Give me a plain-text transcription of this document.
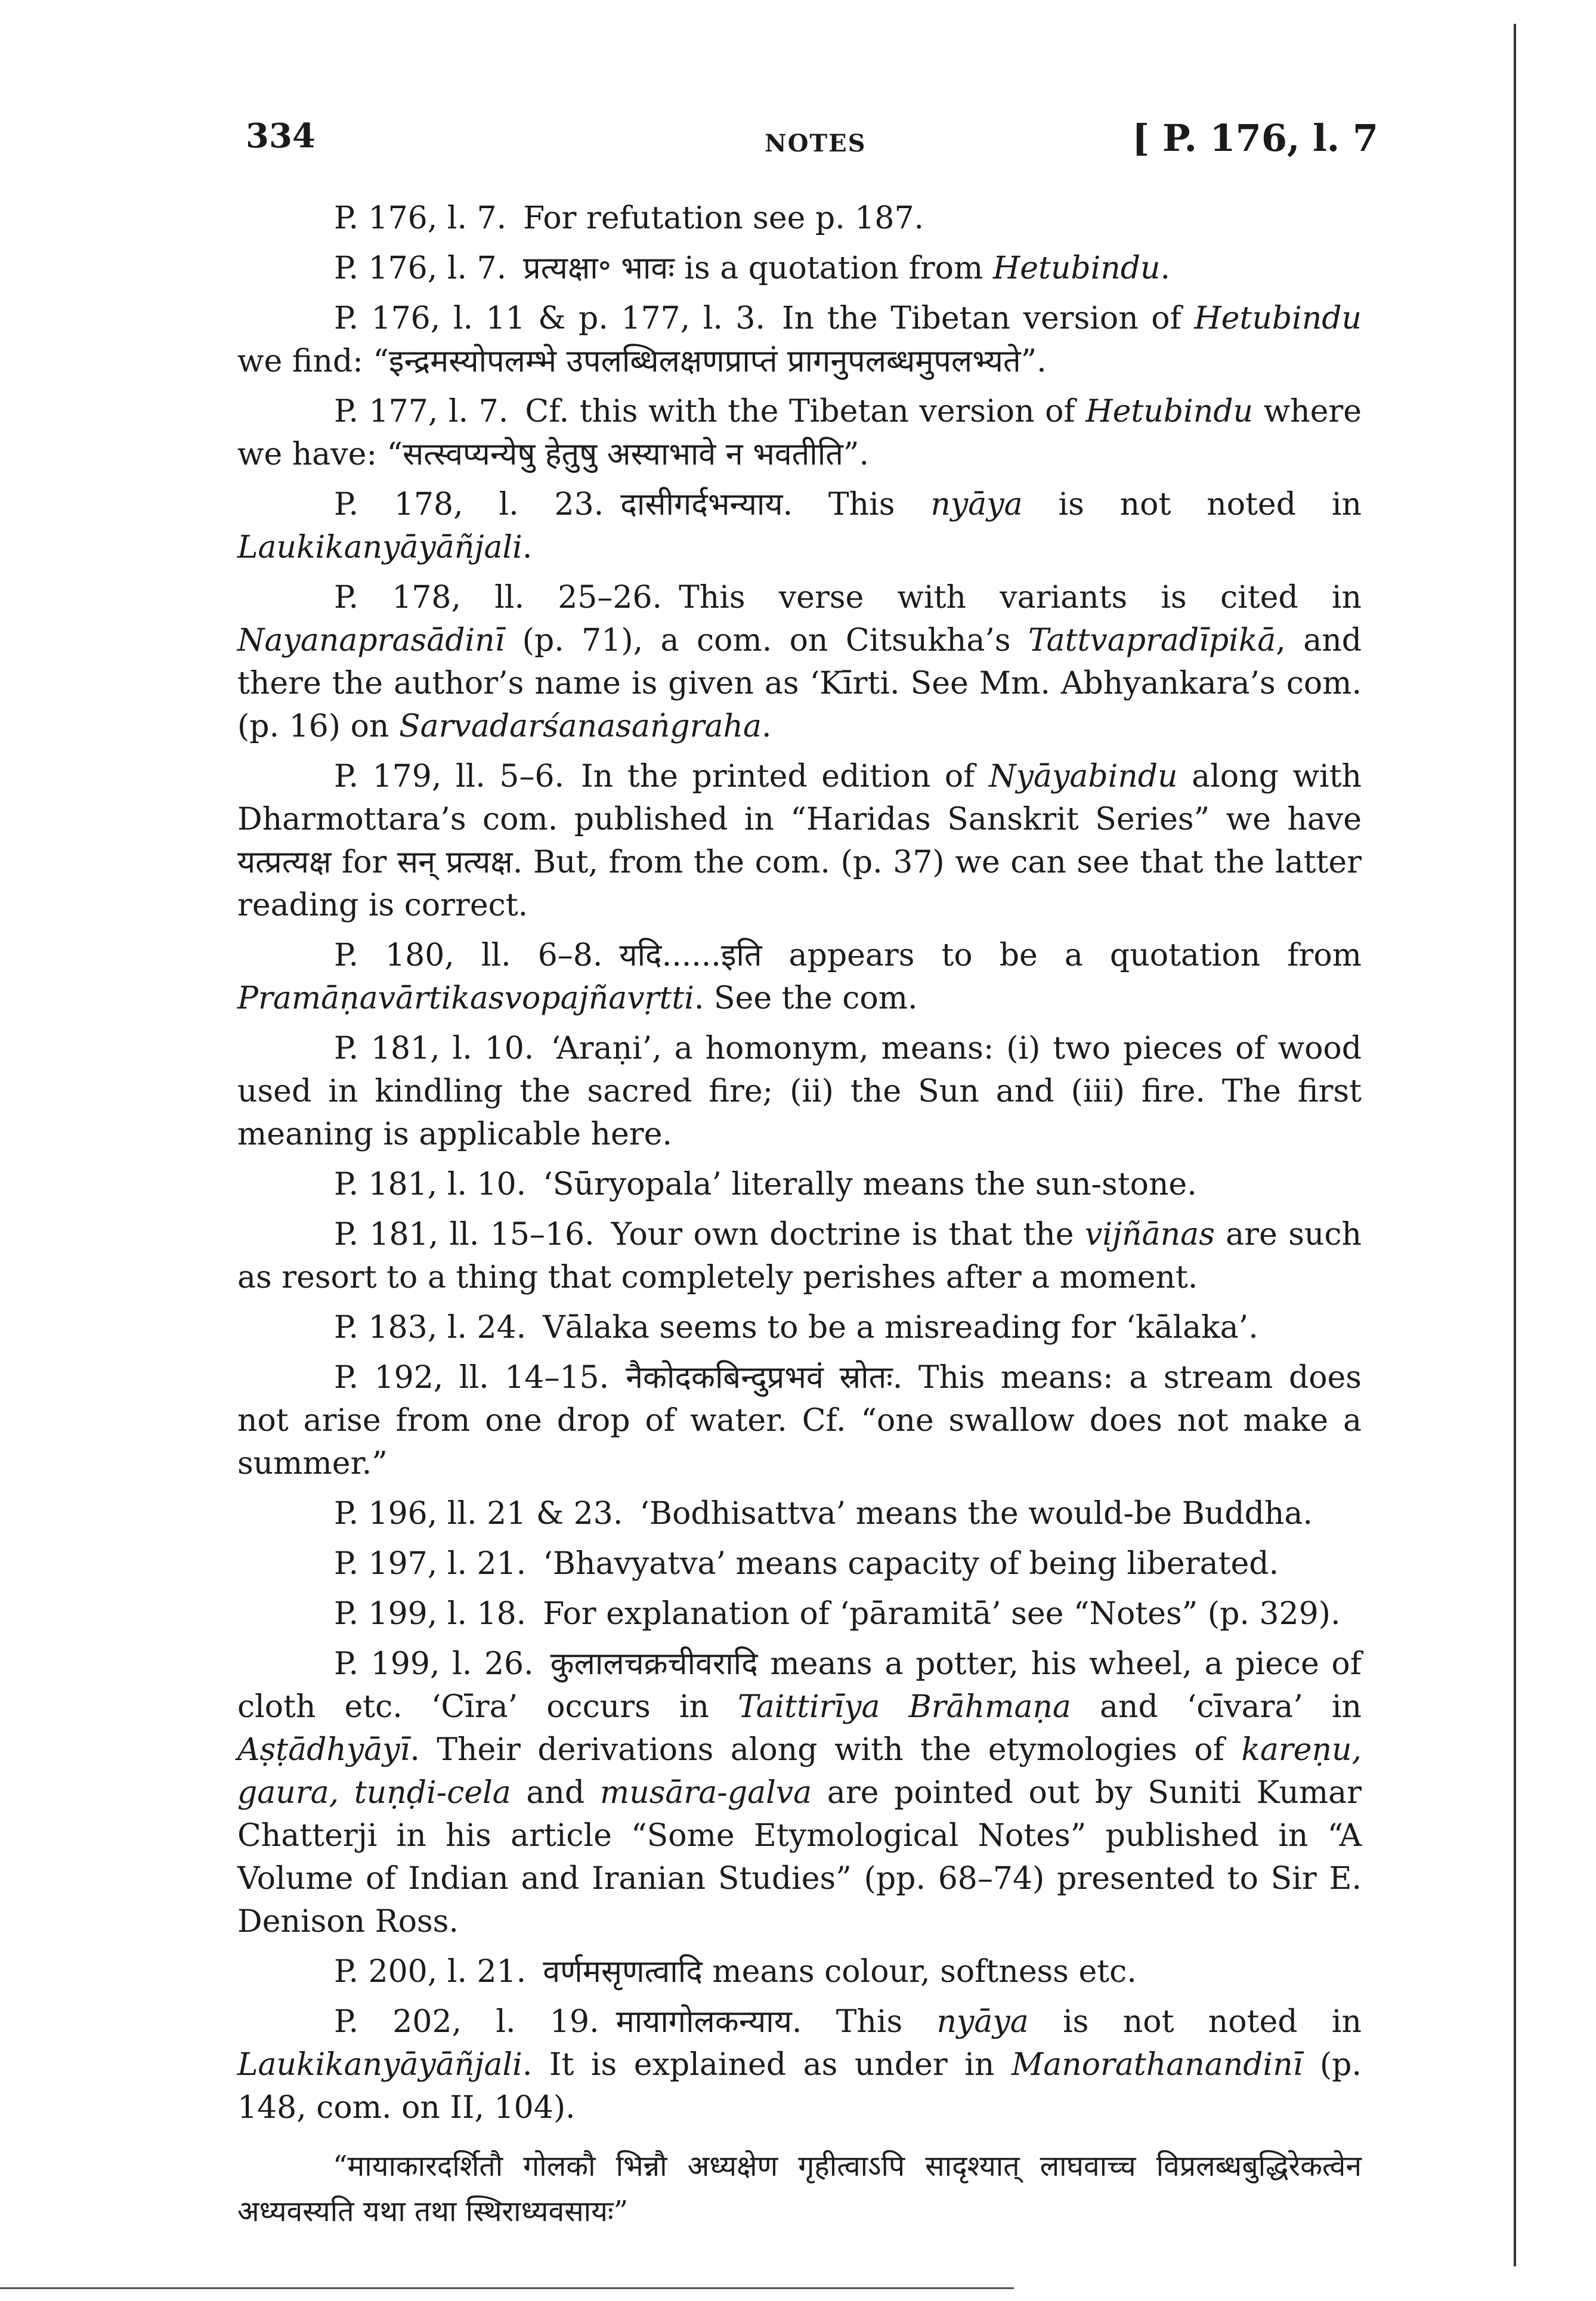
334	NOTES	[ P. 176, l. 7

P. 176, l. 7. For refutation see p. 187.

P. 176, l. 7. प्रत्यक्षा॰ भावः is a quotation from Hetubindu.

P. 176, l. 11 & p. 177, l. 3. In the Tibetan version of Hetubindu we find: “इन्द्रमस्योपलम्भे उपलब्धिलक्षणप्राप्तं प्रागनुपलब्धमुपलभ्यते”.

P. 177, l. 7. Cf. this with the Tibetan version of Hetubindu where we have: “सत्स्वप्यन्येषु हेतुषु अस्याभावे न भवतीति”.

P. 178, l. 23. दासीगर्दभन्याय. This nyāya is not noted in Laukikanyāyāñjali.

P. 178, ll. 25–26. This verse with variants is cited in Nayanaprasādinī (p. 71), a com. on Citsukha’s Tattvapradīpikā, and there the author’s name is given as ‘Kīrti. See Mm. Abhyankara’s com. (p. 16) on Sarvadarśanasaṅgraha.

P. 179, ll. 5–6. In the printed edition of Nyāyabindu along with Dharmottara’s com. published in “Haridas Sanskrit Series” we have यत्प्रत्यक्ष for सन् प्रत्यक्ष. But, from the com. (p. 37) we can see that the latter reading is correct.

P. 180, ll. 6–8. यदि......इति appears to be a quotation from Pramāṇavārtikasvopajñavṛtti. See the com.

P. 181, l. 10. ‘Araṇi’, a homonym, means: (i) two pieces of wood used in kindling the sacred fire; (ii) the Sun and (iii) fire. The first meaning is applicable here.

P. 181, l. 10. ‘Sūryopala’ literally means the sun-stone.

P. 181, ll. 15–16. Your own doctrine is that the vijñānas are such as resort to a thing that completely perishes after a moment.

P. 183, l. 24. Vālaka seems to be a misreading for ‘kālaka’.

P. 192, ll. 14–15. नैकोदकबिन्दुप्रभवं स्रोतः. This means: a stream does not arise from one drop of water. Cf. “one swallow does not make a summer.”

P. 196, ll. 21 & 23. ‘Bodhisattva’ means the would-be Buddha.

P. 197, l. 21. ‘Bhavyatva’ means capacity of being liberated.

P. 199, l. 18. For explanation of ‘pāramitā’ see “Notes” (p. 329).

P. 199, l. 26. कुलालचक्रचीवरादि means a potter, his wheel, a piece of cloth etc. ‘Cīra’ occurs in Taittirīya Brāhmaṇa and ‘cīvara’ in Aṣṭādhyāyī. Their derivations along with the etymologies of kareṇu, gaura, tuṇḍi-cela and musāra-galva are pointed out by Suniti Kumar Chatterji in his article “Some Etymological Notes” published in “A Volume of Indian and Iranian Studies” (pp. 68–74) presented to Sir E. Denison Ross.

P. 200, l. 21. वर्णमसृणत्वादि means colour, softness etc.

P. 202, l. 19. मायागोलकन्याय. This nyāya is not noted in Laukikanyāyāñjali. It is explained as under in Manorathanandinī (p. 148, com. on II, 104).

“मायाकारदर्शितौ गोलकौ भिन्नौ अध्यक्षेण गृहीत्वाऽपि सादृश्यात् लाघवाच्च विप्रलब्धबुद्धिरेकत्वेन अध्यवस्यति यथा तथा स्थिराध्यवसायः”
